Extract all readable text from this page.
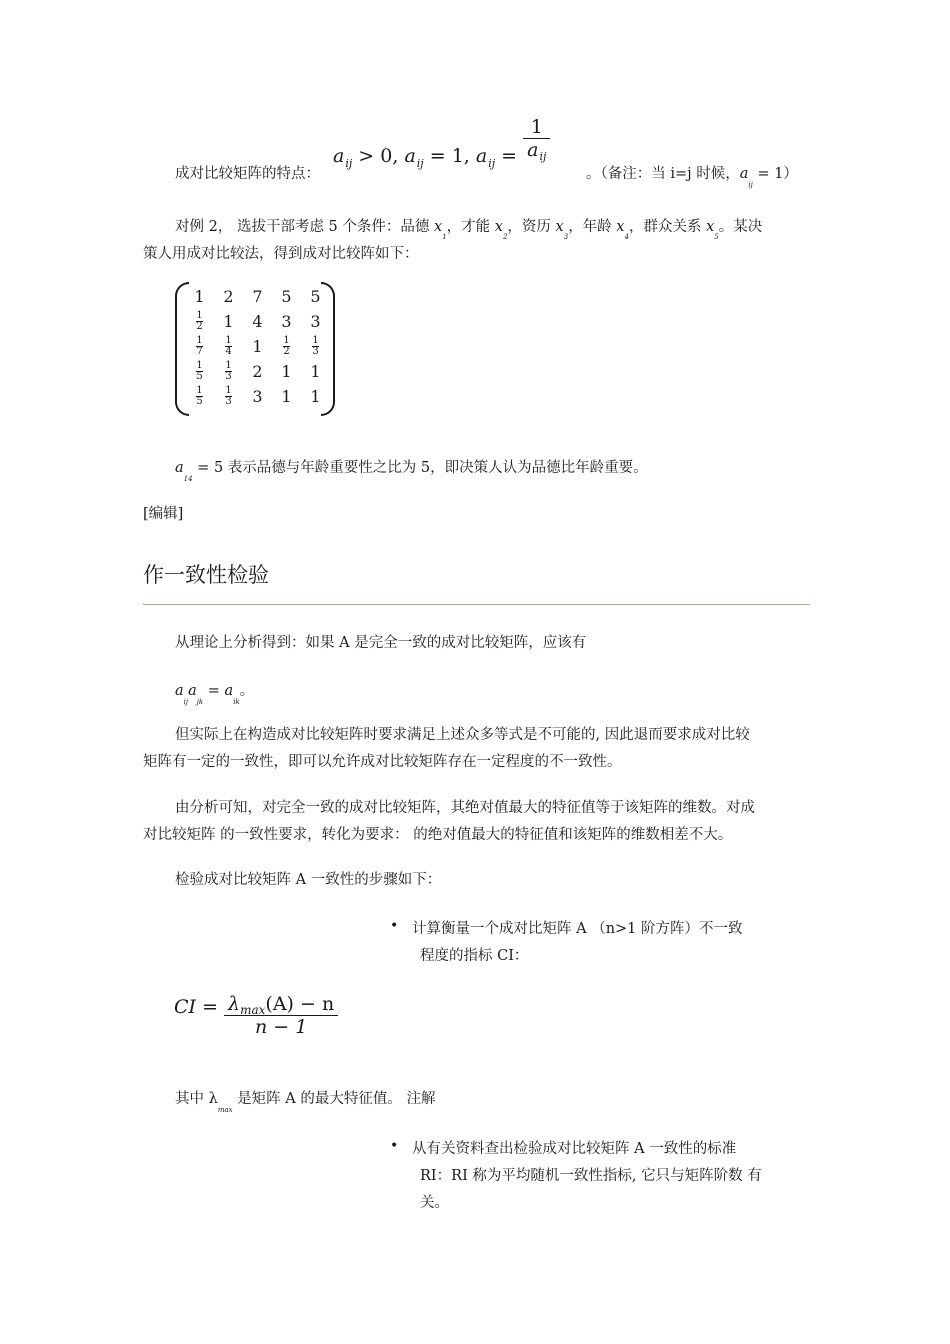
$a_{ij} > 0$, $a_{ij} = 1$, $a_{ij} = \frac{1}{a_{ij}}$
成对比较矩阵的特点：	。（备注：当 i=j 时候，$a_{ij} = 1$）
对例 2， 选拔干部考虑 5 个条件：品德 $x_1$，才能 $x_2$，资历 $x_3$，年龄 $x_4$，群众关系 $x_5$。某决
策人用成对比较法，得到成对比较阵如下：
1	2	7	5	5

$\frac{1}{2}$	1	4	3	3

$\frac{1}{7}$	$\frac{1}{4}$	1	$\frac{1}{2}$	$\frac{1}{3}$

$\frac{1}{5}$	$\frac{1}{3}$	2	1	1

$\frac{1}{5}$	$\frac{1}{3}$	3	1	1
$a_{14} = 5$ 表示品德与年龄重要性之比为 5，即决策人认为品德比年龄重要。
[编辑]
作一致性检验
从理论上分析得到：如果 A 是完全一致的成对比较矩阵，应该有
$a_{ij}a_{jk} = a_{ik}$。
但实际上在构造成对比较矩阵时要求满足上述众多等式是不可能的, 因此退而要求成对比较
矩阵有一定的一致性，即可以允许成对比较矩阵存在一定程度的不一致性。
由分析可知，对完全一致的成对比较矩阵，其绝对值最大的特征值等于该矩阵的维数。对成
对比较矩阵 的一致性要求，转化为要求： 的绝对值最大的特征值和该矩阵的维数相差不大。
检验成对比较矩阵 A 一致性的步骤如下：
• 计算衡量一个成对比矩阵 A （n>1 阶方阵）不一致
程度的指标 CI：
CI = $\frac{\lambda_{max}(A) - n}{n - 1}$
其中 $\lambda_{max}$ 是矩阵 A 的最大特征值。 注解
• 从有关资料查出检验成对比较矩阵 A 一致性的标准
RI：RI 称为平均随机一致性指标, 它只与矩阵阶数 有
关。
